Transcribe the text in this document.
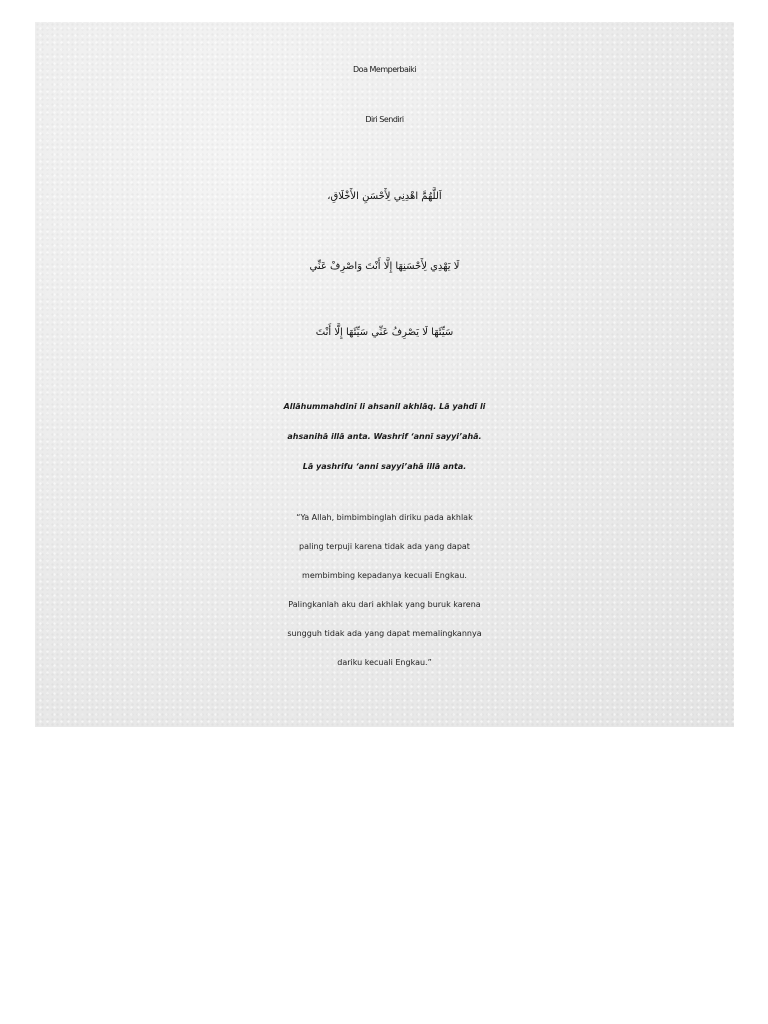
Doa Memperbaiki
Diri Sendiri

اَللَّهُمَّ اهْدِنِي لِأَحْسَنِ الأَخْلَاقِ،

لَا يَهْدِي لِأَحْسَنِهَا إِلَّا أَنْتَ وَاصْرِفْ عَنِّي

سَيِّئَهَا لَا يَصْرِفُ عَنِّي سَيِّئَهَا إِلَّا أَنْتَ

Allāhummahdinī li ahsanil akhlāq. Lā yahdī li

ahsanihā illā anta. Washrif ‘annī sayyi’ahā.

Lā yashrifu ‘anni sayyi’ahā illā anta.

“Ya Allah, bimbimbinglah diriku pada akhlak

paling terpuji karena tidak ada yang dapat

membimbing kepadanya kecuali Engkau.

Palingkanlah aku dari akhlak yang buruk karena

sungguh tidak ada yang dapat memalingkannya

dariku kecuali Engkau.”
